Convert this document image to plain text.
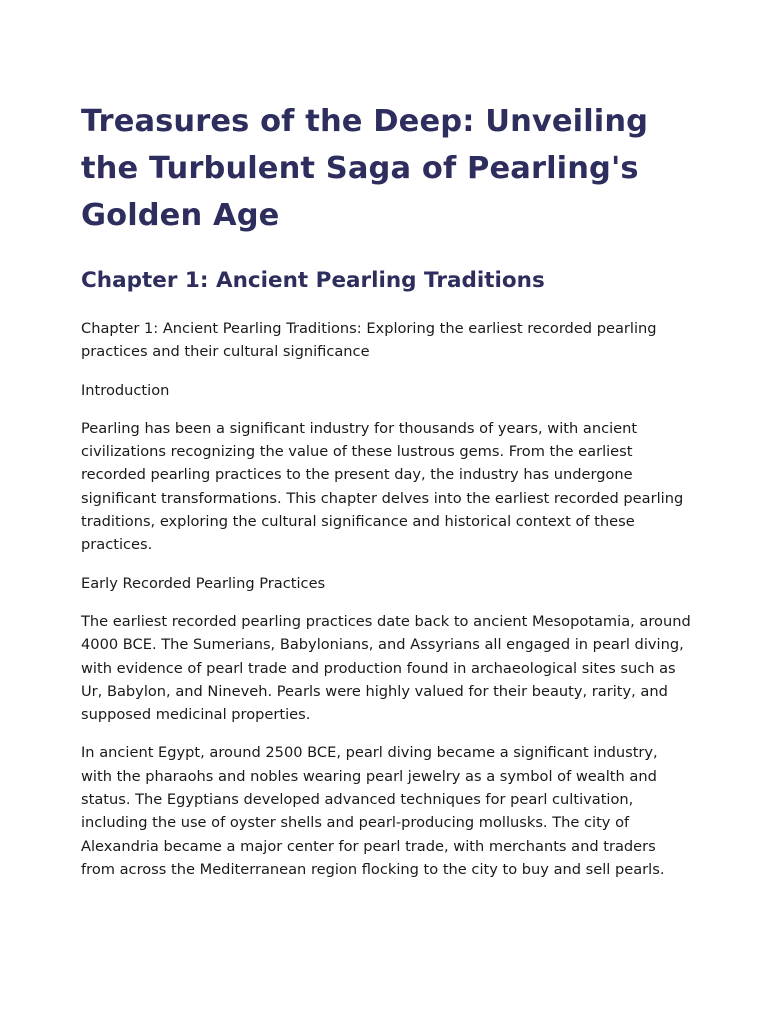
Treasures of the Deep: Unveiling the Turbulent Saga of Pearling's Golden Age
Chapter 1: Ancient Pearling Traditions

Chapter 1: Ancient Pearling Traditions: Exploring the earliest recorded pearling practices and their cultural significance

Introduction

Pearling has been a significant industry for thousands of years, with ancient civilizations recognizing the value of these lustrous gems. From the earliest recorded pearling practices to the present day, the industry has undergone significant transformations. This chapter delves into the earliest recorded pearling traditions, exploring the cultural significance and historical context of these practices.

Early Recorded Pearling Practices

The earliest recorded pearling practices date back to ancient Mesopotamia, around 4000 BCE. The Sumerians, Babylonians, and Assyrians all engaged in pearl diving, with evidence of pearl trade and production found in archaeological sites such as Ur, Babylon, and Nineveh. Pearls were highly valued for their beauty, rarity, and supposed medicinal properties.

In ancient Egypt, around 2500 BCE, pearl diving became a significant industry, with the pharaohs and nobles wearing pearl jewelry as a symbol of wealth and status. The Egyptians developed advanced techniques for pearl cultivation, including the use of oyster shells and pearl-producing mollusks. The city of Alexandria became a major center for pearl trade, with merchants and traders from across the Mediterranean region flocking to the city to buy and sell pearls.
